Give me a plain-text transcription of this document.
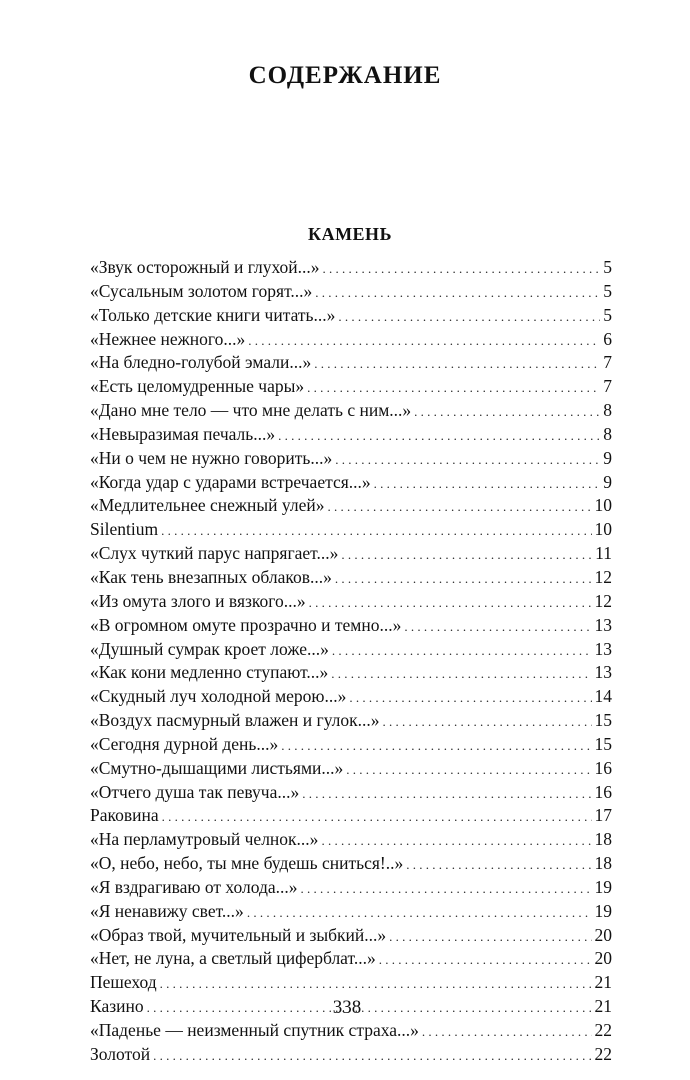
СОДЕРЖАНИЕ
КАМЕНЬ
«Звук осторожный и глухой...» . . .	5
«Сусальным золотом горят...» . . .	5
«Только детские книги читать...» . . .	5
«Нежнее нежного...» . . .	6
«На бледно-голубой эмали...» . . .	7
«Есть целомудренные чары» . . .	7
«Дано мне тело — что мне делать с ним...» . . .	8
«Невыразимая печаль...» . . .	8
«Ни о чем не нужно говорить...» . . .	9
«Когда удар с ударами встречается...» . . .	9
«Медлительнее снежный улей» . . .	10
Silentium . . .	10
«Слух чуткий парус напрягает...» . . .	11
«Как тень внезапных облаков...» . . .	12
«Из омута злого и вязкого...» . . .	12
«В огромном омуте прозрачно и темно...» . . .	13
«Душный сумрак кроет ложе...» . . .	13
«Как кони медленно ступают...» . . .	13
«Скудный луч холодной мерою...» . . .	14
«Воздух пасмурный влажен и гулок...» . . .	15
«Сегодня дурной день...» . . .	15
«Смутно-дышащими листьями...» . . .	16
«Отчего душа так певуча...» . . .	16
Раковина . . .	17
«На перламутровый челнок...» . . .	18
«О, небо, небо, ты мне будешь сниться!..» . . .	18
«Я вздрагиваю от холода...» . . .	19
«Я ненавижу свет...» . . .	19
«Образ твой, мучительный и зыбкий...» . . .	20
«Нет, не луна, а светлый циферблат...» . . .	20
Пешеход . . .	21
Казино . . .	21
«Паденье — неизменный спутник страха...» . . .	22
Золотой . . .	22

338
